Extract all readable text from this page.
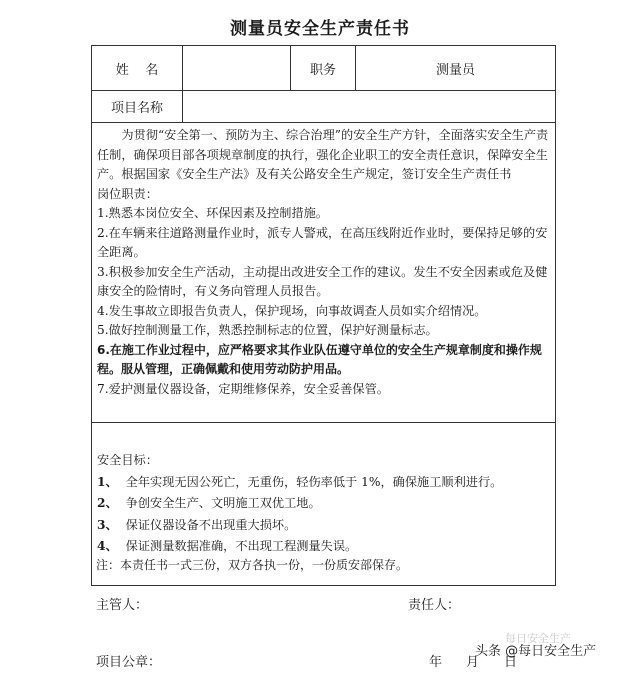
测量员安全生产责任书
姓    名	职务	测量员
项目名称

为贯彻“安全第一、预防为主、综合治理”的安全生产方针，全面落实安全生产责任制，确保项目部各项规章制度的执行，强化企业职工的安全责任意识，保障安全生产。根据国家《安全生产法》及有关公路安全生产规定，签订安全生产责任书

岗位职责：

1.熟悉本岗位安全、环保因素及控制措施。

2.在车辆来往道路测量作业时，派专人警戒，在高压线附近作业时，要保持足够的安全距离。

3.积极参加安全生产活动，主动提出改进安全工作的建议。发生不安全因素或危及健康安全的险情时，有义务向管理人员报告。

4.发生事故立即报告负责人，保护现场，向事故调查人员如实介绍情况。

5.做好控制测量工作，熟悉控制标志的位置，保护好测量标志。

6.在施工作业过程中，应严格要求其作业队伍遵守单位的安全生产规章制度和操作规程。服从管理，正确佩戴和使用劳动防护用品。

7.爱护测量仪器设备，定期维修保养，安全妥善保管。

安全目标：

1、 全年实现无因公死亡，无重伤，轻伤率低于 1%，确保施工顺利进行。

2、 争创安全生产、文明施工双优工地。

3、 保证仪器设备不出现重大损坏。

4、 保证测量数据准确，不出现工程测量失误。

注：本责任书一式三份，双方各执一份，一份质安部保存。
主管人：	责任人：
项目公章：	年 月 日
每日安全生产
头条 @每日安全生产
